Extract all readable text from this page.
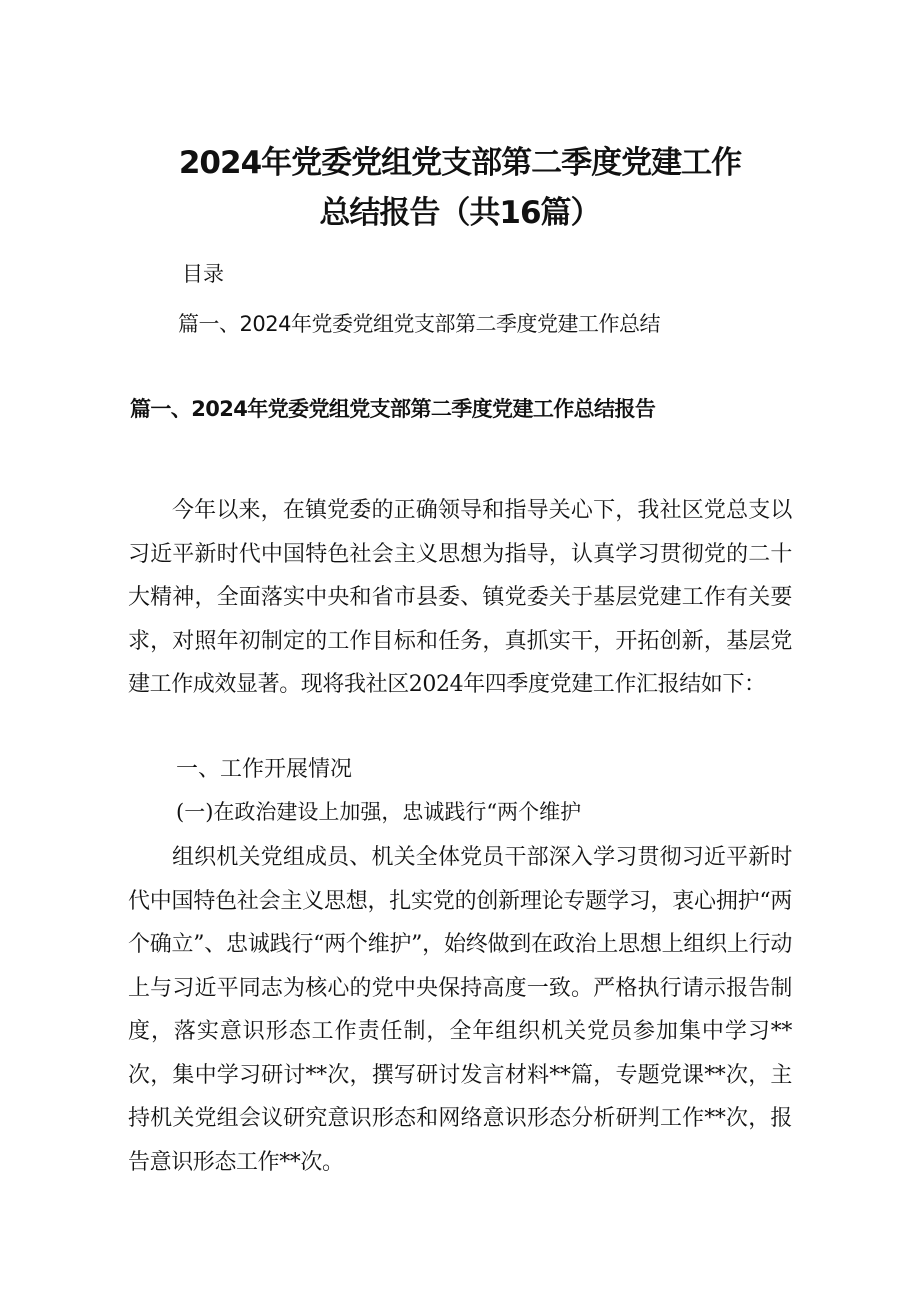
2024年党委党组党支部第二季度党建工作
总结报告（共16篇）
目录
篇一、2024年党委党组党支部第二季度党建工作总结
篇一、2024年党委党组党支部第二季度党建工作总结报告

今年以来，在镇党委的正确领导和指导关心下，我社区党总支以习近平新时代中国特色社会主义思想为指导，认真学习贯彻党的二十大精神，全面落实中央和省市县委、镇党委关于基层党建工作有关要求，对照年初制定的工作目标和任务，真抓实干，开拓创新，基层党建工作成效显著。现将我社区2024年四季度党建工作汇报结如下：

一、工作开展情况
(一)在政治建设上加强，忠诚践行“两个维护

组织机关党组成员、机关全体党员干部深入学习贯彻习近平新时代中国特色社会主义思想，扎实党的创新理论专题学习，衷心拥护“两个确立”、忠诚践行“两个维护”，始终做到在政治上思想上组织上行动上与习近平同志为核心的党中央保持高度一致。严格执行请示报告制度，落实意识形态工作责任制，全年组织机关党员参加集中学习**次，集中学习研讨**次，撰写研讨发言材料**篇，专题党课**次，主持机关党组会议研究意识形态和网络意识形态分析研判工作**次，报告意识形态工作**次。
